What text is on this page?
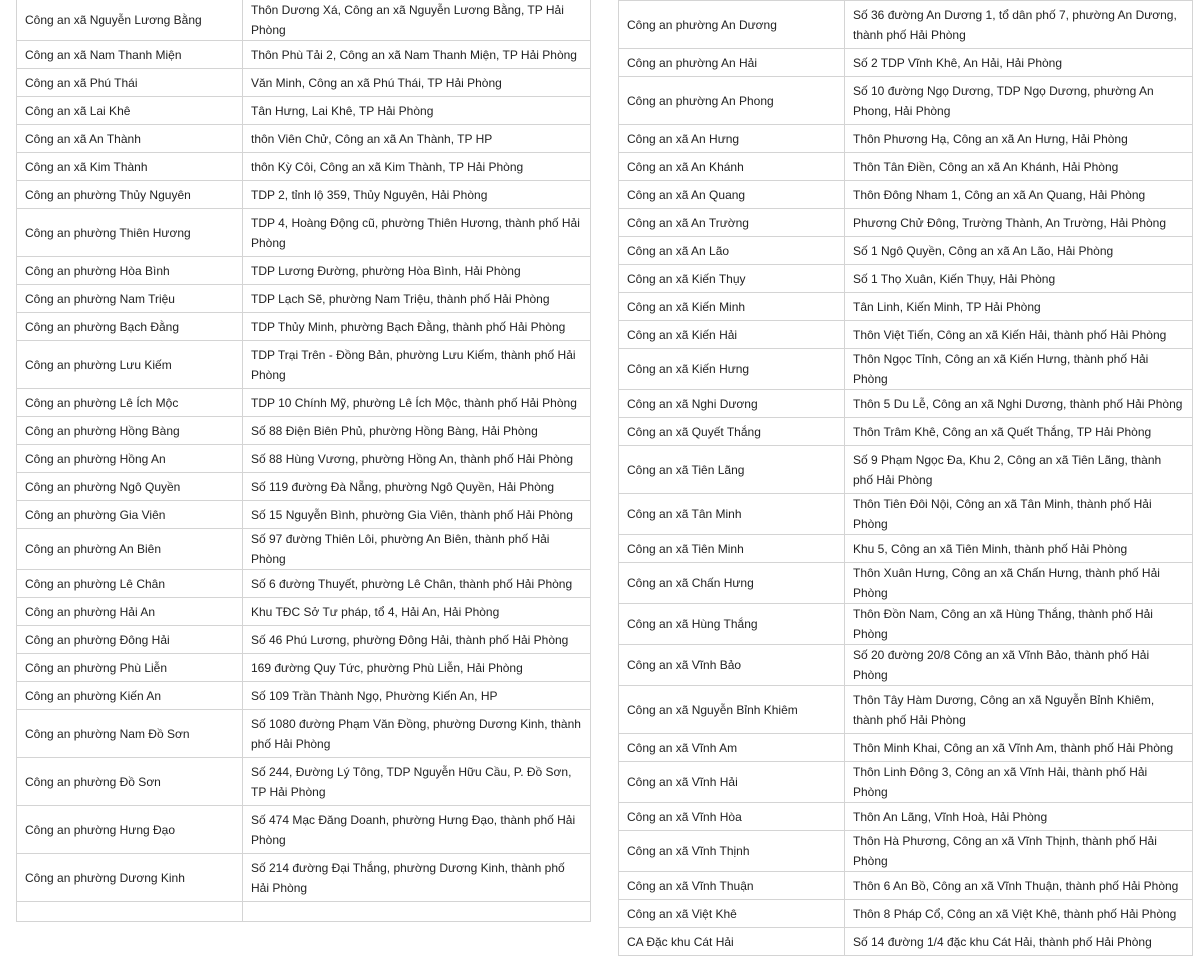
Công an xã Nguyễn Lương Bằng	Thôn Dương Xá, Công an xã Nguyễn Lương Bằng, TP Hải Phòng
Công an xã Nam Thanh Miện	Thôn Phù Tải 2, Công an xã Nam Thanh Miện, TP Hải Phòng
Công an xã Phú Thái	Văn Minh, Công an xã Phú Thái, TP Hải Phòng
Công an xã Lai Khê	Tân Hưng, Lai Khê, TP Hải Phòng
Công an xã An Thành	thôn Viên Chử, Công an xã An Thành, TP HP
Công an xã Kim Thành	thôn Kỳ Côi, Công an xã Kim Thành, TP Hải Phòng
Công an phường Thủy Nguyên	TDP 2, tỉnh lộ 359, Thủy Nguyên, Hải Phòng
Công an phường Thiên Hương	TDP 4, Hoàng Động cũ, phường Thiên Hương, thành phố Hải Phòng
Công an phường Hòa Bình	TDP Lương Đường, phường Hòa Bình, Hải Phòng
Công an phường Nam Triệu	TDP Lạch Sẽ, phường Nam Triệu, thành phố Hải Phòng
Công an phường Bạch Đằng	TDP Thủy Minh, phường Bạch Đằng, thành phố Hải Phòng
Công an phường Lưu Kiếm	TDP Trại Trên - Đồng Bản, phường Lưu Kiếm, thành phố Hải Phòng
Công an phường Lê Ích Mộc	TDP 10 Chính Mỹ, phường Lê Ích Mộc, thành phố Hải Phòng
Công an phường Hồng Bàng	Số 88 Điện Biên Phủ, phường Hồng Bàng, Hải Phòng
Công an phường Hồng An	Số 88 Hùng Vương, phường Hồng An, thành phố Hải Phòng
Công an phường Ngô Quyền	Số 119 đường Đà Nẵng, phường Ngô Quyền, Hải Phòng
Công an phường Gia Viên	Số 15 Nguyễn Bình, phường Gia Viên, thành phố Hải Phòng
Công an phường An Biên	Số 97 đường Thiên Lôi, phường An Biên, thành phố Hải Phòng
Công an phường Lê Chân	Số 6 đường Thuyết, phường Lê Chân, thành phố Hải Phòng
Công an phường Hải An	Khu TĐC Sở Tư pháp, tổ 4, Hải An, Hải Phòng
Công an phường Đông Hải	Số 46 Phú Lương, phường Đông Hải, thành phố Hải Phòng
Công an phường Phù Liễn	169 đường Quy Tức, phường Phù Liễn, Hải Phòng
Công an phường Kiến An	Số 109 Trần Thành Ngọ, Phường Kiến An, HP
Công an phường Nam Đồ Sơn	Số 1080 đường Phạm Văn Đồng, phường Dương Kinh, thành phố Hải Phòng
Công an phường Đồ Sơn	Số 244, Đường Lý Tông, TDP Nguyễn Hữu Cầu, P. Đồ Sơn, TP Hải Phòng
Công an phường Hưng Đạo	Số 474 Mạc Đăng Doanh, phường Hưng Đạo, thành phố Hải Phòng
Công an phường Dương Kinh	Số 214 đường Đại Thắng, phường Dương Kinh, thành phố Hải Phòng

Công an phường An Dương	Số 36 đường An Dương 1, tổ dân phố 7, phường An Dương, thành phố Hải Phòng
Công an phường An Hải	Số 2 TDP Vĩnh Khê, An Hải, Hải Phòng
Công an phường An Phong	Số 10 đường Ngọ Dương, TDP Ngọ Dương, phường An Phong, Hải Phòng
Công an xã An Hưng	Thôn Phương Hạ, Công an xã An Hưng, Hải Phòng
Công an xã An Khánh	Thôn Tân Điền, Công an xã An Khánh, Hải Phòng
Công an xã An Quang	Thôn Đông Nham 1, Công an xã An Quang, Hải Phòng
Công an xã An Trường	Phương Chử Đông, Trường Thành, An Trường, Hải Phòng
Công an xã An Lão	Số 1 Ngô Quyền, Công an xã An Lão, Hải Phòng
Công an xã Kiến Thụy	Số 1 Thọ Xuân, Kiến Thụy, Hải Phòng
Công an xã Kiến Minh	Tân Linh, Kiến Minh, TP Hải Phòng
Công an xã Kiến Hải	Thôn Việt Tiến, Công an xã Kiến Hải, thành phố Hải Phòng
Công an xã Kiến Hưng	Thôn Ngọc Tỉnh, Công an xã Kiến Hưng, thành phố Hải Phòng
Công an xã Nghi Dương	Thôn 5 Du Lễ, Công an xã Nghi Dương, thành phố Hải Phòng
Công an xã Quyết Thắng	Thôn Trâm Khê, Công an xã Quết Thắng, TP Hải Phòng
Công an xã Tiên Lãng	Số 9 Phạm Ngọc Đa, Khu 2, Công an xã Tiên Lãng, thành phố Hải Phòng
Công an xã Tân Minh	Thôn Tiên Đôi Nội, Công an xã Tân Minh, thành phố Hải Phòng
Công an xã Tiên Minh	Khu 5, Công an xã Tiên Minh, thành phố Hải Phòng
Công an xã Chấn Hưng	Thôn Xuân Hưng, Công an xã Chấn Hưng, thành phố Hải Phòng
Công an xã Hùng Thắng	Thôn Đồn Nam, Công an xã Hùng Thắng, thành phố Hải Phòng
Công an xã Vĩnh Bảo	Số 20 đường 20/8 Công an xã Vĩnh Bảo, thành phố Hải Phòng
Công an xã Nguyễn Bỉnh Khiêm	Thôn Tây Hàm Dương, Công an xã Nguyễn Bỉnh Khiêm, thành phố Hải Phòng
Công an xã Vĩnh Am	Thôn Minh Khai, Công an xã Vĩnh Am, thành phố Hải Phòng
Công an xã Vĩnh Hải	Thôn Linh Đông 3, Công an xã Vĩnh Hải, thành phố Hải Phòng
Công an xã Vĩnh Hòa	Thôn An Lãng, Vĩnh Hoà, Hải Phòng
Công an xã Vĩnh Thịnh	Thôn Hà Phương, Công an xã Vĩnh Thịnh, thành phố Hải Phòng
Công an xã Vĩnh Thuận	Thôn 6 An Bồ, Công an xã Vĩnh Thuận, thành phố Hải Phòng
Công an xã Việt Khê	Thôn 8 Pháp Cổ, Công an xã Việt Khê, thành phố Hải Phòng
CA Đặc khu Cát Hải	Số 14 đường 1/4 đặc khu Cát Hải, thành phố Hải Phòng
